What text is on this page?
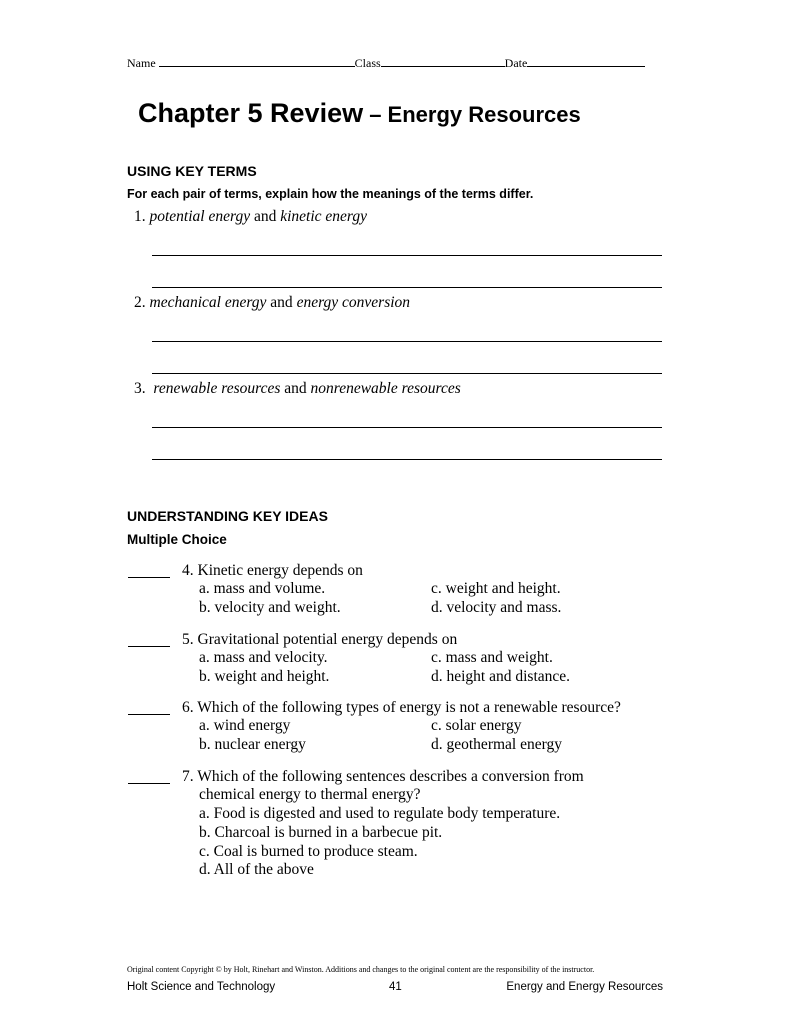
Name	Class	Date
Chapter 5 Review – Energy Resources
USING KEY TERMS
For each pair of terms, explain how the meanings of the terms differ.
1. potential energy and kinetic energy
2. mechanical energy and energy conversion
3.  renewable resources and nonrenewable resources
UNDERSTANDING KEY IDEAS
Multiple Choice
4. Kinetic energy depends on
a. mass and volume.
b. velocity and weight.
c. weight and height.
d. velocity and mass.
5. Gravitational potential energy depends on
a. mass and velocity.
b. weight and height.
c. mass and weight.
d. height and distance.
6. Which of the following types of energy is not a renewable resource?
a. wind energy
b. nuclear energy
c. solar energy
d. geothermal energy
7. Which of the following sentences describes a conversion from
chemical energy to thermal energy?
a. Food is digested and used to regulate body temperature.
b. Charcoal is burned in a barbecue pit.
c. Coal is burned to produce steam.
d. All of the above
Original content Copyright © by Holt, Rinehart and Winston. Additions and changes to the original content are the responsibility of the instructor.
Holt Science and Technology	41	Energy and Energy Resources
